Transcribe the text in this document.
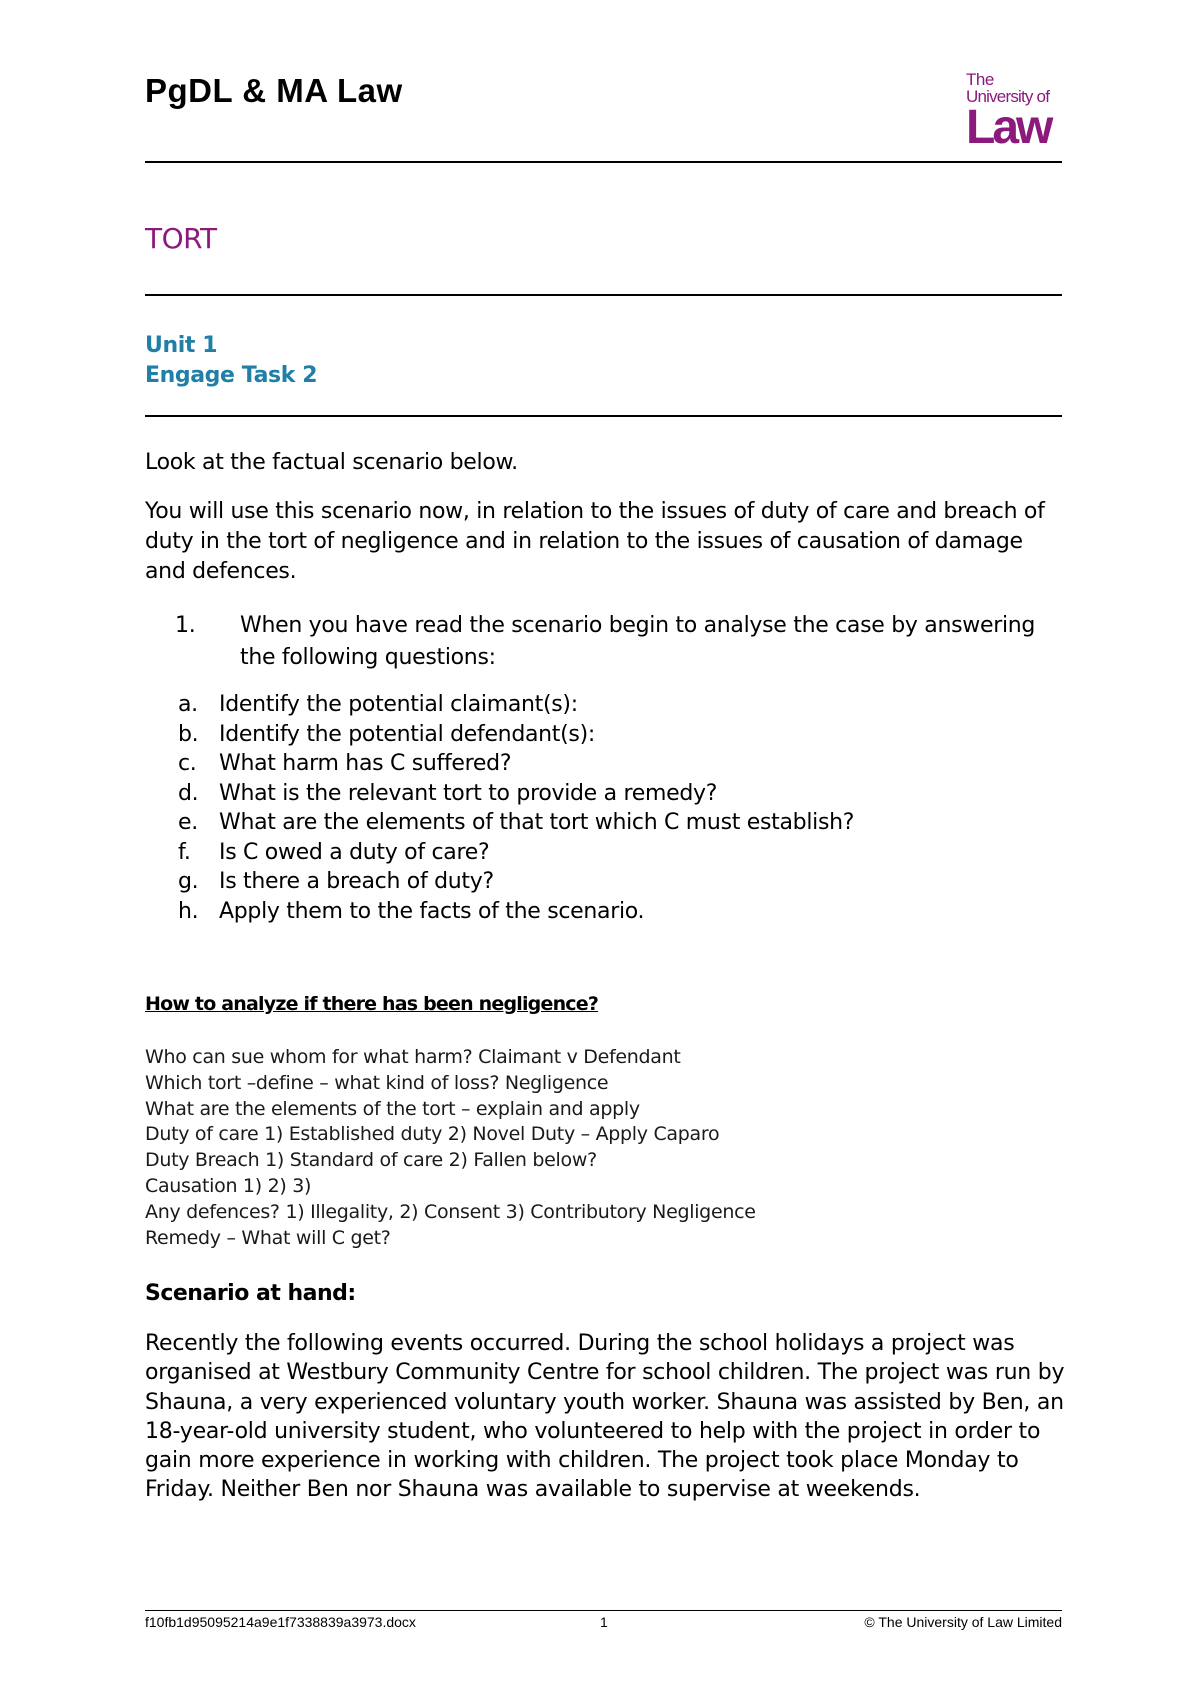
PgDL & MA Law	The
University of
Law
TORT
Unit 1
Engage Task 2
Look at the factual scenario below.
You will use this scenario now, in relation to the issues of duty of care and breach of duty in the tort of negligence and in relation to the issues of causation of damage and defences.
1. When you have read the scenario begin to analyse the case by answering the following questions:
a. Identify the potential claimant(s):
b. Identify the potential defendant(s):
c. What harm has C suffered?
d. What is the relevant tort to provide a remedy?
e. What are the elements of that tort which C must establish?
f. Is C owed a duty of care?
g. Is there a breach of duty?
h. Apply them to the facts of the scenario.
How to analyze if there has been negligence?
Who can sue whom for what harm? Claimant v Defendant
Which tort –define – what kind of loss? Negligence
What are the elements of the tort – explain and apply
Duty of care 1) Established duty 2) Novel Duty – Apply Caparo
Duty Breach 1) Standard of care 2) Fallen below?
Causation 1) 2) 3)
Any defences? 1) Illegality, 2) Consent 3) Contributory Negligence
Remedy – What will C get?
Scenario at hand:
Recently the following events occurred. During the school holidays a project was organised at Westbury Community Centre for school children. The project was run by Shauna, a very experienced voluntary youth worker. Shauna was assisted by Ben, an 18-year-old university student, who volunteered to help with the project in order to gain more experience in working with children. The project took place Monday to Friday. Neither Ben nor Shauna was available to supervise at weekends.
f10fb1d95095214a9e1f7338839a3973.docx	1	© The University of Law Limited
